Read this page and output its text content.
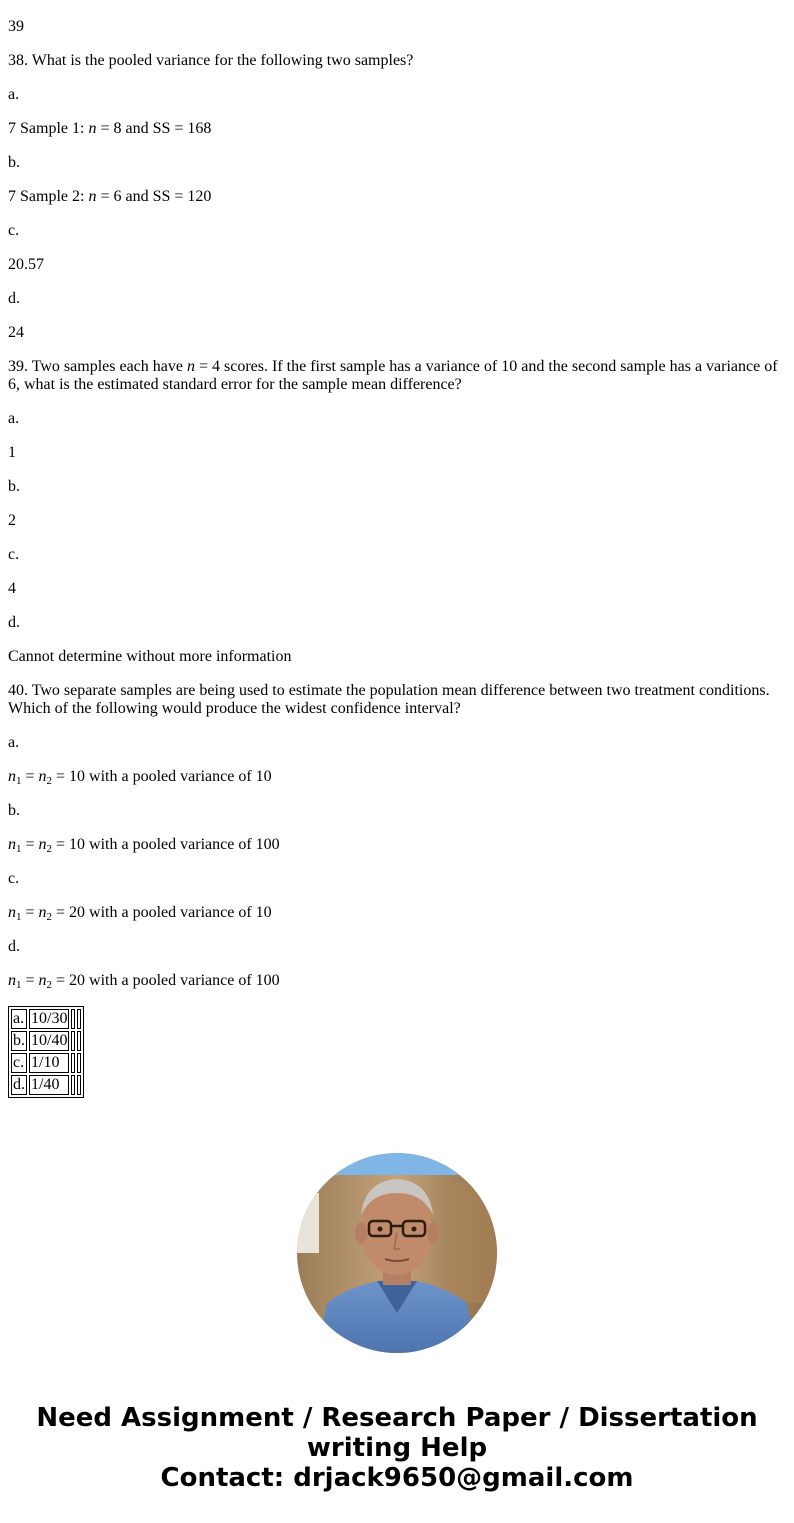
39

38. What is the pooled variance for the following two samples?

a.

7 Sample 1: n = 8 and SS = 168

b.

7 Sample 2: n = 6 and SS = 120

c.

20.57

d.

24

39. Two samples each have n = 4 scores. If the first sample has a variance of 10 and the second sample has a variance of 6, what is the estimated standard error for the sample mean difference?

a.

1

b.

2

c.

4

d.

Cannot determine without more information

40. Two separate samples are being used to estimate the population mean difference between two treatment conditions. Which of the following would produce the widest confidence interval?

a.

$n_1 = n_2 = 10$ with a pooled variance of 10

b.

$n_1 = n_2 = 10$ with a pooled variance of 100

c.

$n_1 = n_2 = 20$ with a pooled variance of 10

d.

$n_1 = n_2 = 20$ with a pooled variance of 100

a.	10/30		
b.	10/40		
c.	1/10		
d.	1/40		
Need Assignment / Research Paper / Dissertation
writing Help
Contact: drjack9650@gmail.com
